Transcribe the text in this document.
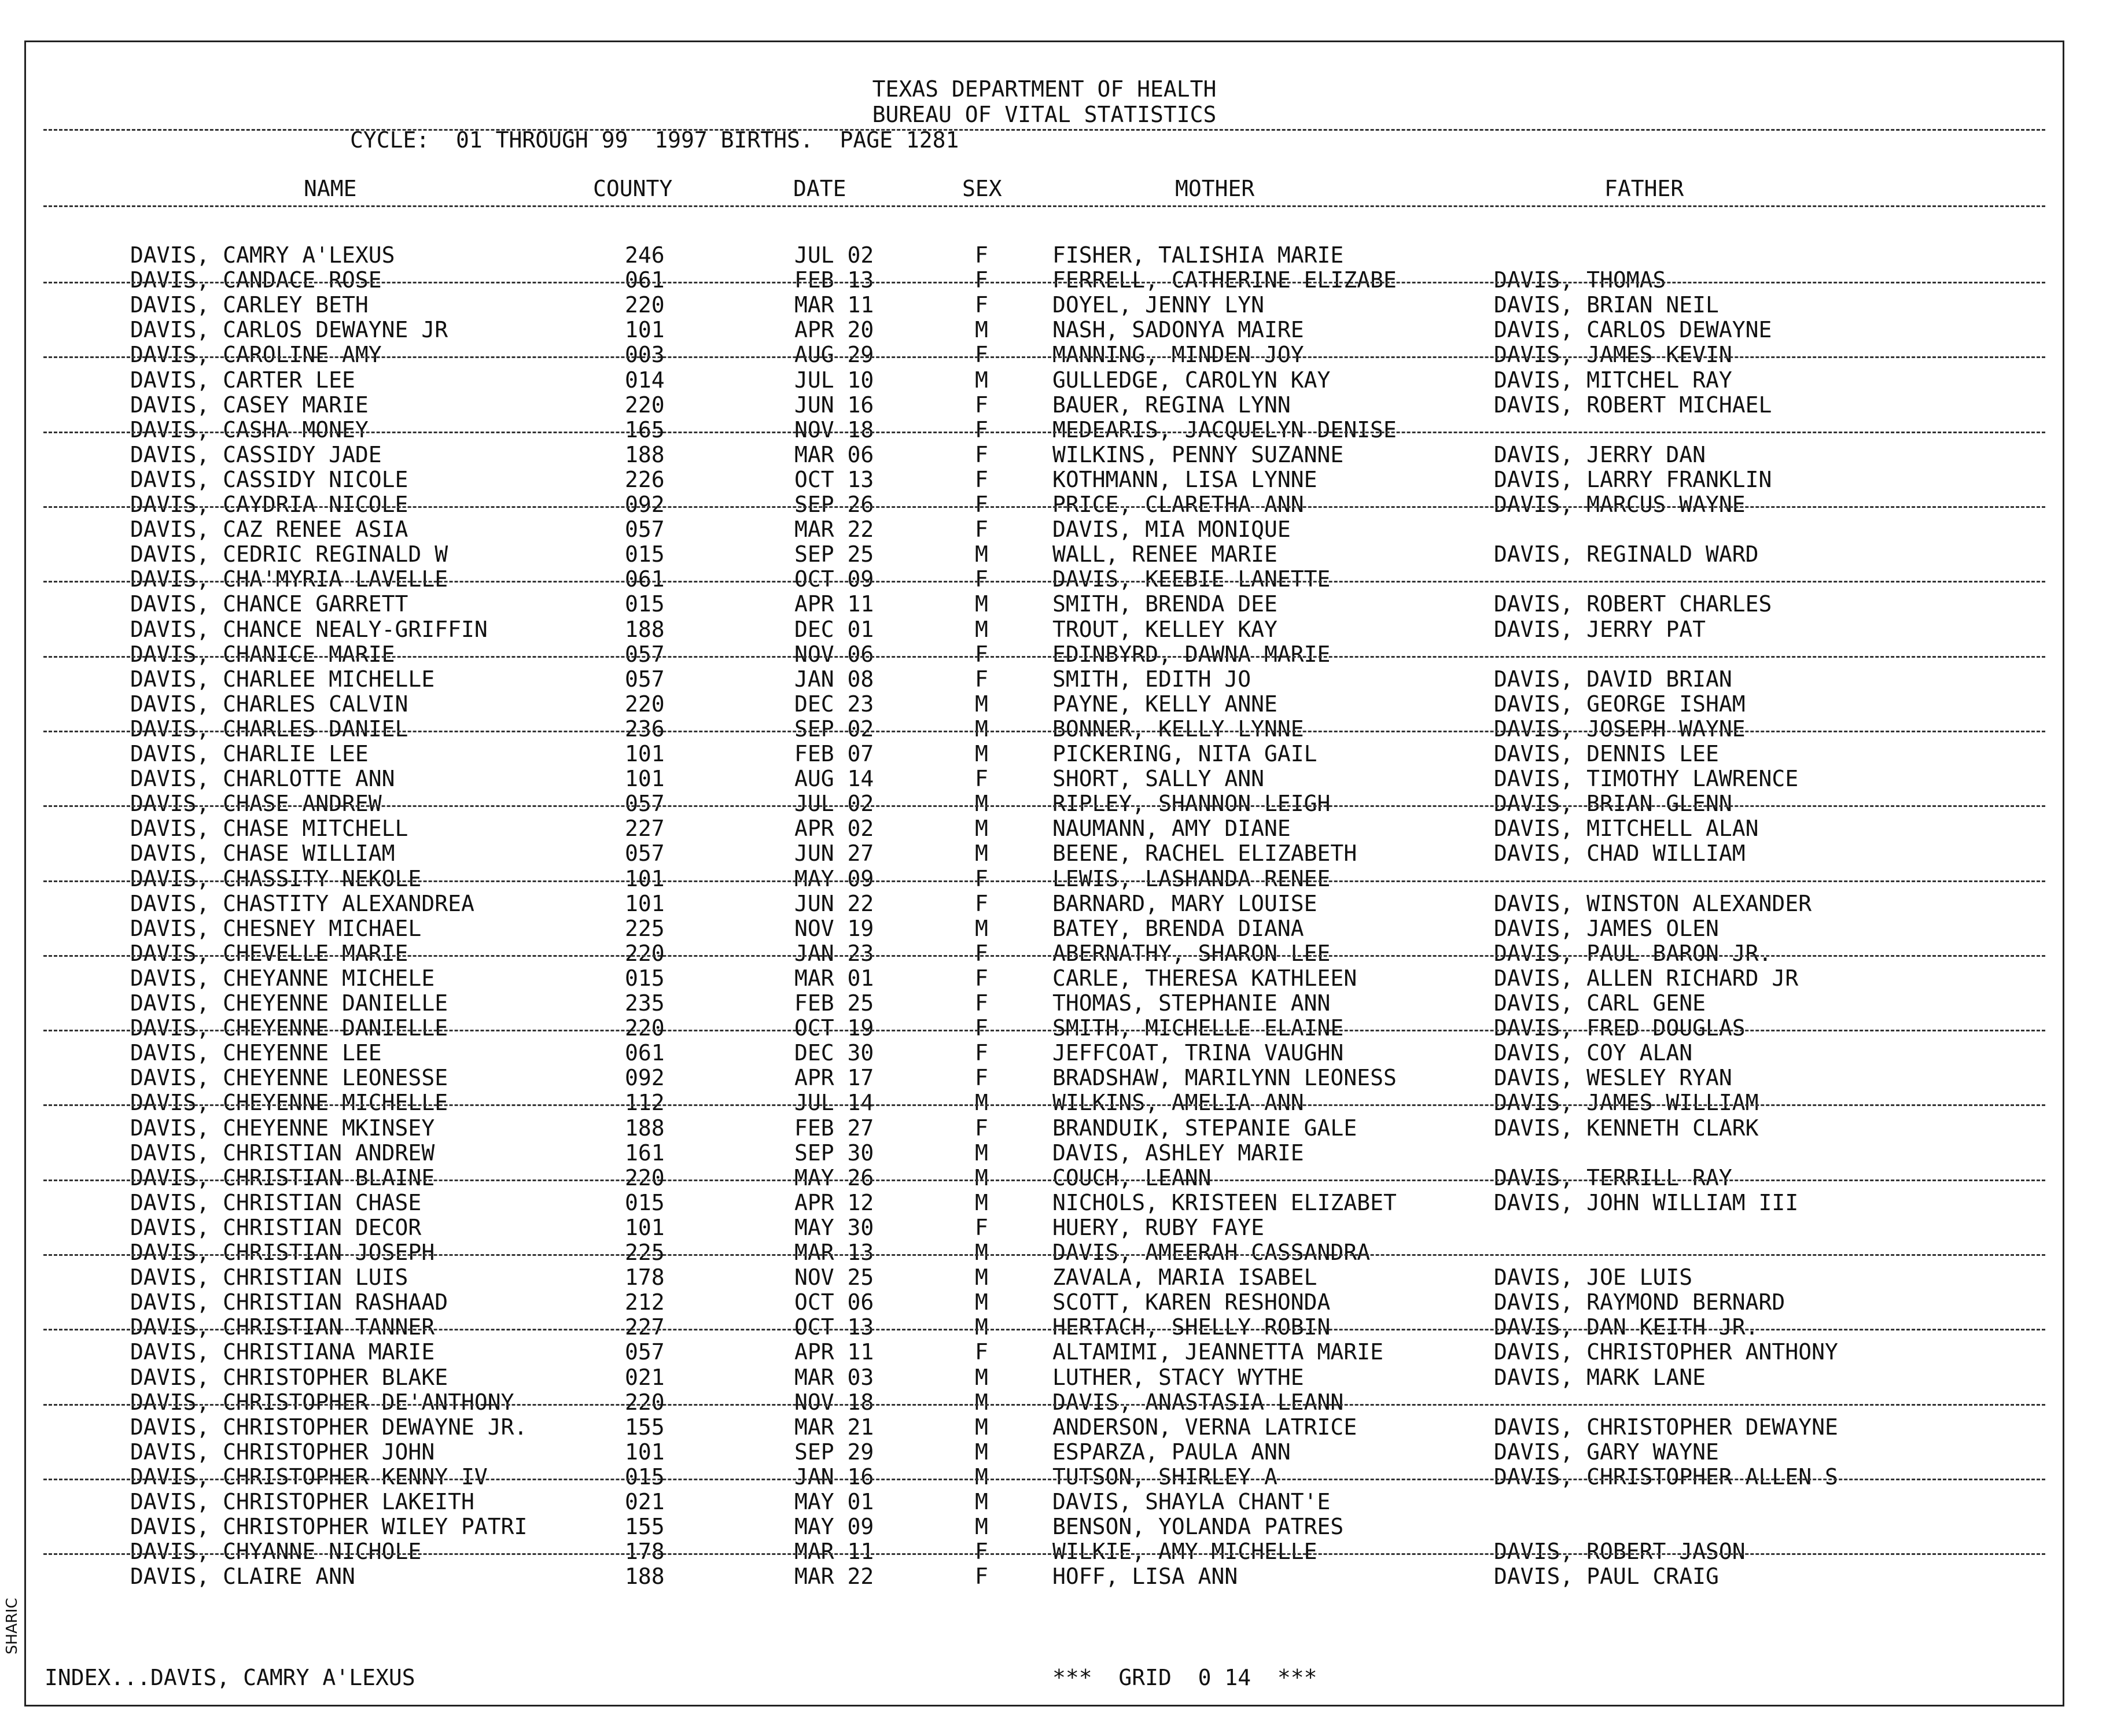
TEXAS DEPARTMENT OF HEALTH
BUREAU OF VITAL STATISTICS
CYCLE:  01 THROUGH 99  1997 BIRTHS.  PAGE 1281
NAME	COUNTY	DATE	SEX	MOTHER	FATHER
DAVIS, CAMRY A'LEXUS	246	JUL 02	F	FISHER, TALISHIA MARIE
DAVIS, CANDACE ROSE	061	FEB 13	F	FERRELL, CATHERINE ELIZABE	DAVIS, THOMAS
DAVIS, CARLEY BETH	220	MAR 11	F	DOYEL, JENNY LYN	DAVIS, BRIAN NEIL
DAVIS, CARLOS DEWAYNE JR	101	APR 20	M	NASH, SADONYA MAIRE	DAVIS, CARLOS DEWAYNE
DAVIS, CAROLINE AMY	003	AUG 29	F	MANNING, MINDEN JOY	DAVIS, JAMES KEVIN
DAVIS, CARTER LEE	014	JUL 10	M	GULLEDGE, CAROLYN KAY	DAVIS, MITCHEL RAY
DAVIS, CASEY MARIE	220	JUN 16	F	BAUER, REGINA LYNN	DAVIS, ROBERT MICHAEL
DAVIS, CASHA MONEY	165	NOV 18	F	MEDEARIS, JACQUELYN DENISE
DAVIS, CASSIDY JADE	188	MAR 06	F	WILKINS, PENNY SUZANNE	DAVIS, JERRY DAN
DAVIS, CASSIDY NICOLE	226	OCT 13	F	KOTHMANN, LISA LYNNE	DAVIS, LARRY FRANKLIN
DAVIS, CAYDRIA NICOLE	092	SEP 26	F	PRICE, CLARETHA ANN	DAVIS, MARCUS WAYNE
DAVIS, CAZ RENEE ASIA	057	MAR 22	F	DAVIS, MIA MONIQUE
DAVIS, CEDRIC REGINALD W	015	SEP 25	M	WALL, RENEE MARIE	DAVIS, REGINALD WARD
DAVIS, CHA'MYRIA LAVELLE	061	OCT 09	F	DAVIS, KEEBIE LANETTE
DAVIS, CHANCE GARRETT	015	APR 11	M	SMITH, BRENDA DEE	DAVIS, ROBERT CHARLES
DAVIS, CHANCE NEALY-GRIFFIN	188	DEC 01	M	TROUT, KELLEY KAY	DAVIS, JERRY PAT
DAVIS, CHANICE MARIE	057	NOV 06	F	EDINBYRD, DAWNA MARIE
DAVIS, CHARLEE MICHELLE	057	JAN 08	F	SMITH, EDITH JO	DAVIS, DAVID BRIAN
DAVIS, CHARLES CALVIN	220	DEC 23	M	PAYNE, KELLY ANNE	DAVIS, GEORGE ISHAM
DAVIS, CHARLES DANIEL	236	SEP 02	M	BONNER, KELLY LYNNE	DAVIS, JOSEPH WAYNE
DAVIS, CHARLIE LEE	101	FEB 07	M	PICKERING, NITA GAIL	DAVIS, DENNIS LEE
DAVIS, CHARLOTTE ANN	101	AUG 14	F	SHORT, SALLY ANN	DAVIS, TIMOTHY LAWRENCE
DAVIS, CHASE ANDREW	057	JUL 02	M	RIPLEY, SHANNON LEIGH	DAVIS, BRIAN GLENN
DAVIS, CHASE MITCHELL	227	APR 02	M	NAUMANN, AMY DIANE	DAVIS, MITCHELL ALAN
DAVIS, CHASE WILLIAM	057	JUN 27	M	BEENE, RACHEL ELIZABETH	DAVIS, CHAD WILLIAM
DAVIS, CHASSITY NEKOLE	101	MAY 09	F	LEWIS, LASHANDA RENEE
DAVIS, CHASTITY ALEXANDREA	101	JUN 22	F	BARNARD, MARY LOUISE	DAVIS, WINSTON ALEXANDER
DAVIS, CHESNEY MICHAEL	225	NOV 19	M	BATEY, BRENDA DIANA	DAVIS, JAMES OLEN
DAVIS, CHEVELLE MARIE	220	JAN 23	F	ABERNATHY, SHARON LEE	DAVIS, PAUL BARON JR.
DAVIS, CHEYANNE MICHELE	015	MAR 01	F	CARLE, THERESA KATHLEEN	DAVIS, ALLEN RICHARD JR
DAVIS, CHEYENNE DANIELLE	235	FEB 25	F	THOMAS, STEPHANIE ANN	DAVIS, CARL GENE
DAVIS, CHEYENNE DANIELLE	220	OCT 19	F	SMITH, MICHELLE ELAINE	DAVIS, FRED DOUGLAS
DAVIS, CHEYENNE LEE	061	DEC 30	F	JEFFCOAT, TRINA VAUGHN	DAVIS, COY ALAN
DAVIS, CHEYENNE LEONESSE	092	APR 17	F	BRADSHAW, MARILYNN LEONESS	DAVIS, WESLEY RYAN
DAVIS, CHEYENNE MICHELLE	112	JUL 14	M	WILKINS, AMELIA ANN	DAVIS, JAMES WILLIAM
DAVIS, CHEYENNE MKINSEY	188	FEB 27	F	BRANDUIK, STEPANIE GALE	DAVIS, KENNETH CLARK
DAVIS, CHRISTIAN ANDREW	161	SEP 30	M	DAVIS, ASHLEY MARIE
DAVIS, CHRISTIAN BLAINE	220	MAY 26	M	COUCH, LEANN	DAVIS, TERRILL RAY
DAVIS, CHRISTIAN CHASE	015	APR 12	M	NICHOLS, KRISTEEN ELIZABET	DAVIS, JOHN WILLIAM III
DAVIS, CHRISTIAN DECOR	101	MAY 30	F	HUERY, RUBY FAYE
DAVIS, CHRISTIAN JOSEPH	225	MAR 13	M	DAVIS, AMEERAH CASSANDRA
DAVIS, CHRISTIAN LUIS	178	NOV 25	M	ZAVALA, MARIA ISABEL	DAVIS, JOE LUIS
DAVIS, CHRISTIAN RASHAAD	212	OCT 06	M	SCOTT, KAREN RESHONDA	DAVIS, RAYMOND BERNARD
DAVIS, CHRISTIAN TANNER	227	OCT 13	M	HERTACH, SHELLY ROBIN	DAVIS, DAN KEITH JR.
DAVIS, CHRISTIANA MARIE	057	APR 11	F	ALTAMIMI, JEANNETTA MARIE	DAVIS, CHRISTOPHER ANTHONY
DAVIS, CHRISTOPHER BLAKE	021	MAR 03	M	LUTHER, STACY WYTHE	DAVIS, MARK LANE
DAVIS, CHRISTOPHER DE'ANTHONY	220	NOV 18	M	DAVIS, ANASTASIA LEANN
DAVIS, CHRISTOPHER DEWAYNE JR.	155	MAR 21	M	ANDERSON, VERNA LATRICE	DAVIS, CHRISTOPHER DEWAYNE
DAVIS, CHRISTOPHER JOHN	101	SEP 29	M	ESPARZA, PAULA ANN	DAVIS, GARY WAYNE
DAVIS, CHRISTOPHER KENNY IV	015	JAN 16	M	TUTSON, SHIRLEY A	DAVIS, CHRISTOPHER ALLEN S
DAVIS, CHRISTOPHER LAKEITH	021	MAY 01	M	DAVIS, SHAYLA CHANT'E
DAVIS, CHRISTOPHER WILEY PATRI	155	MAY 09	M	BENSON, YOLANDA PATRES
DAVIS, CHYANNE NICHOLE	178	MAR 11	F	WILKIE, AMY MICHELLE	DAVIS, ROBERT JASON
DAVIS, CLAIRE ANN	188	MAR 22	F	HOFF, LISA ANN	DAVIS, PAUL CRAIG
INDEX...DAVIS, CAMRY A'LEXUS	***  GRID  0 14  ***
SHARIC
